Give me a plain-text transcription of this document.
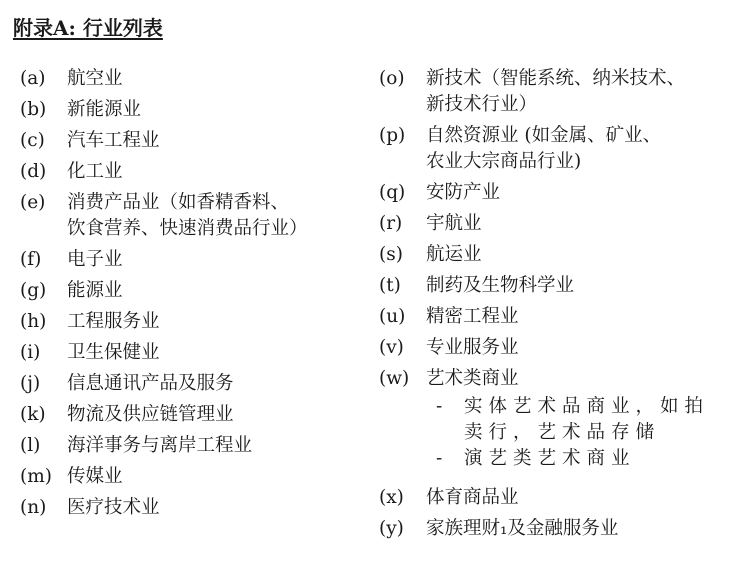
附录A: 行业列表
(a)	航空业
(b)	新能源业
(c)	汽车工程业
(d)	化工业
(e)	消费产品业（如香精香料、
饮食营养、快速消费品行业）
(f)	电子业
(g)	能源业
(h)	工程服务业
(i)	卫生保健业
(j)	信息通讯产品及服务
(k)	物流及供应链管理业
(l)	海洋事务与离岸工程业
(m) 传媒业
(n)	医疗技术业
(o)	新技术（智能系统、纳米技术、
新技术行业）
(p)	自然资源业 (如金属、矿业、
农业大宗商品行业)
(q)	安防产业
(r)	宇航业
(s)	航运业
(t)	制药及生物科学业
(u)	精密工程业
(v)	专业服务业
(w) 艺术类商业
-	实体艺术品商业，如拍卖行，艺术品存储
-	演艺类艺术商业
(x)	体育商品业
(y)	家族理财₁及金融服务业
